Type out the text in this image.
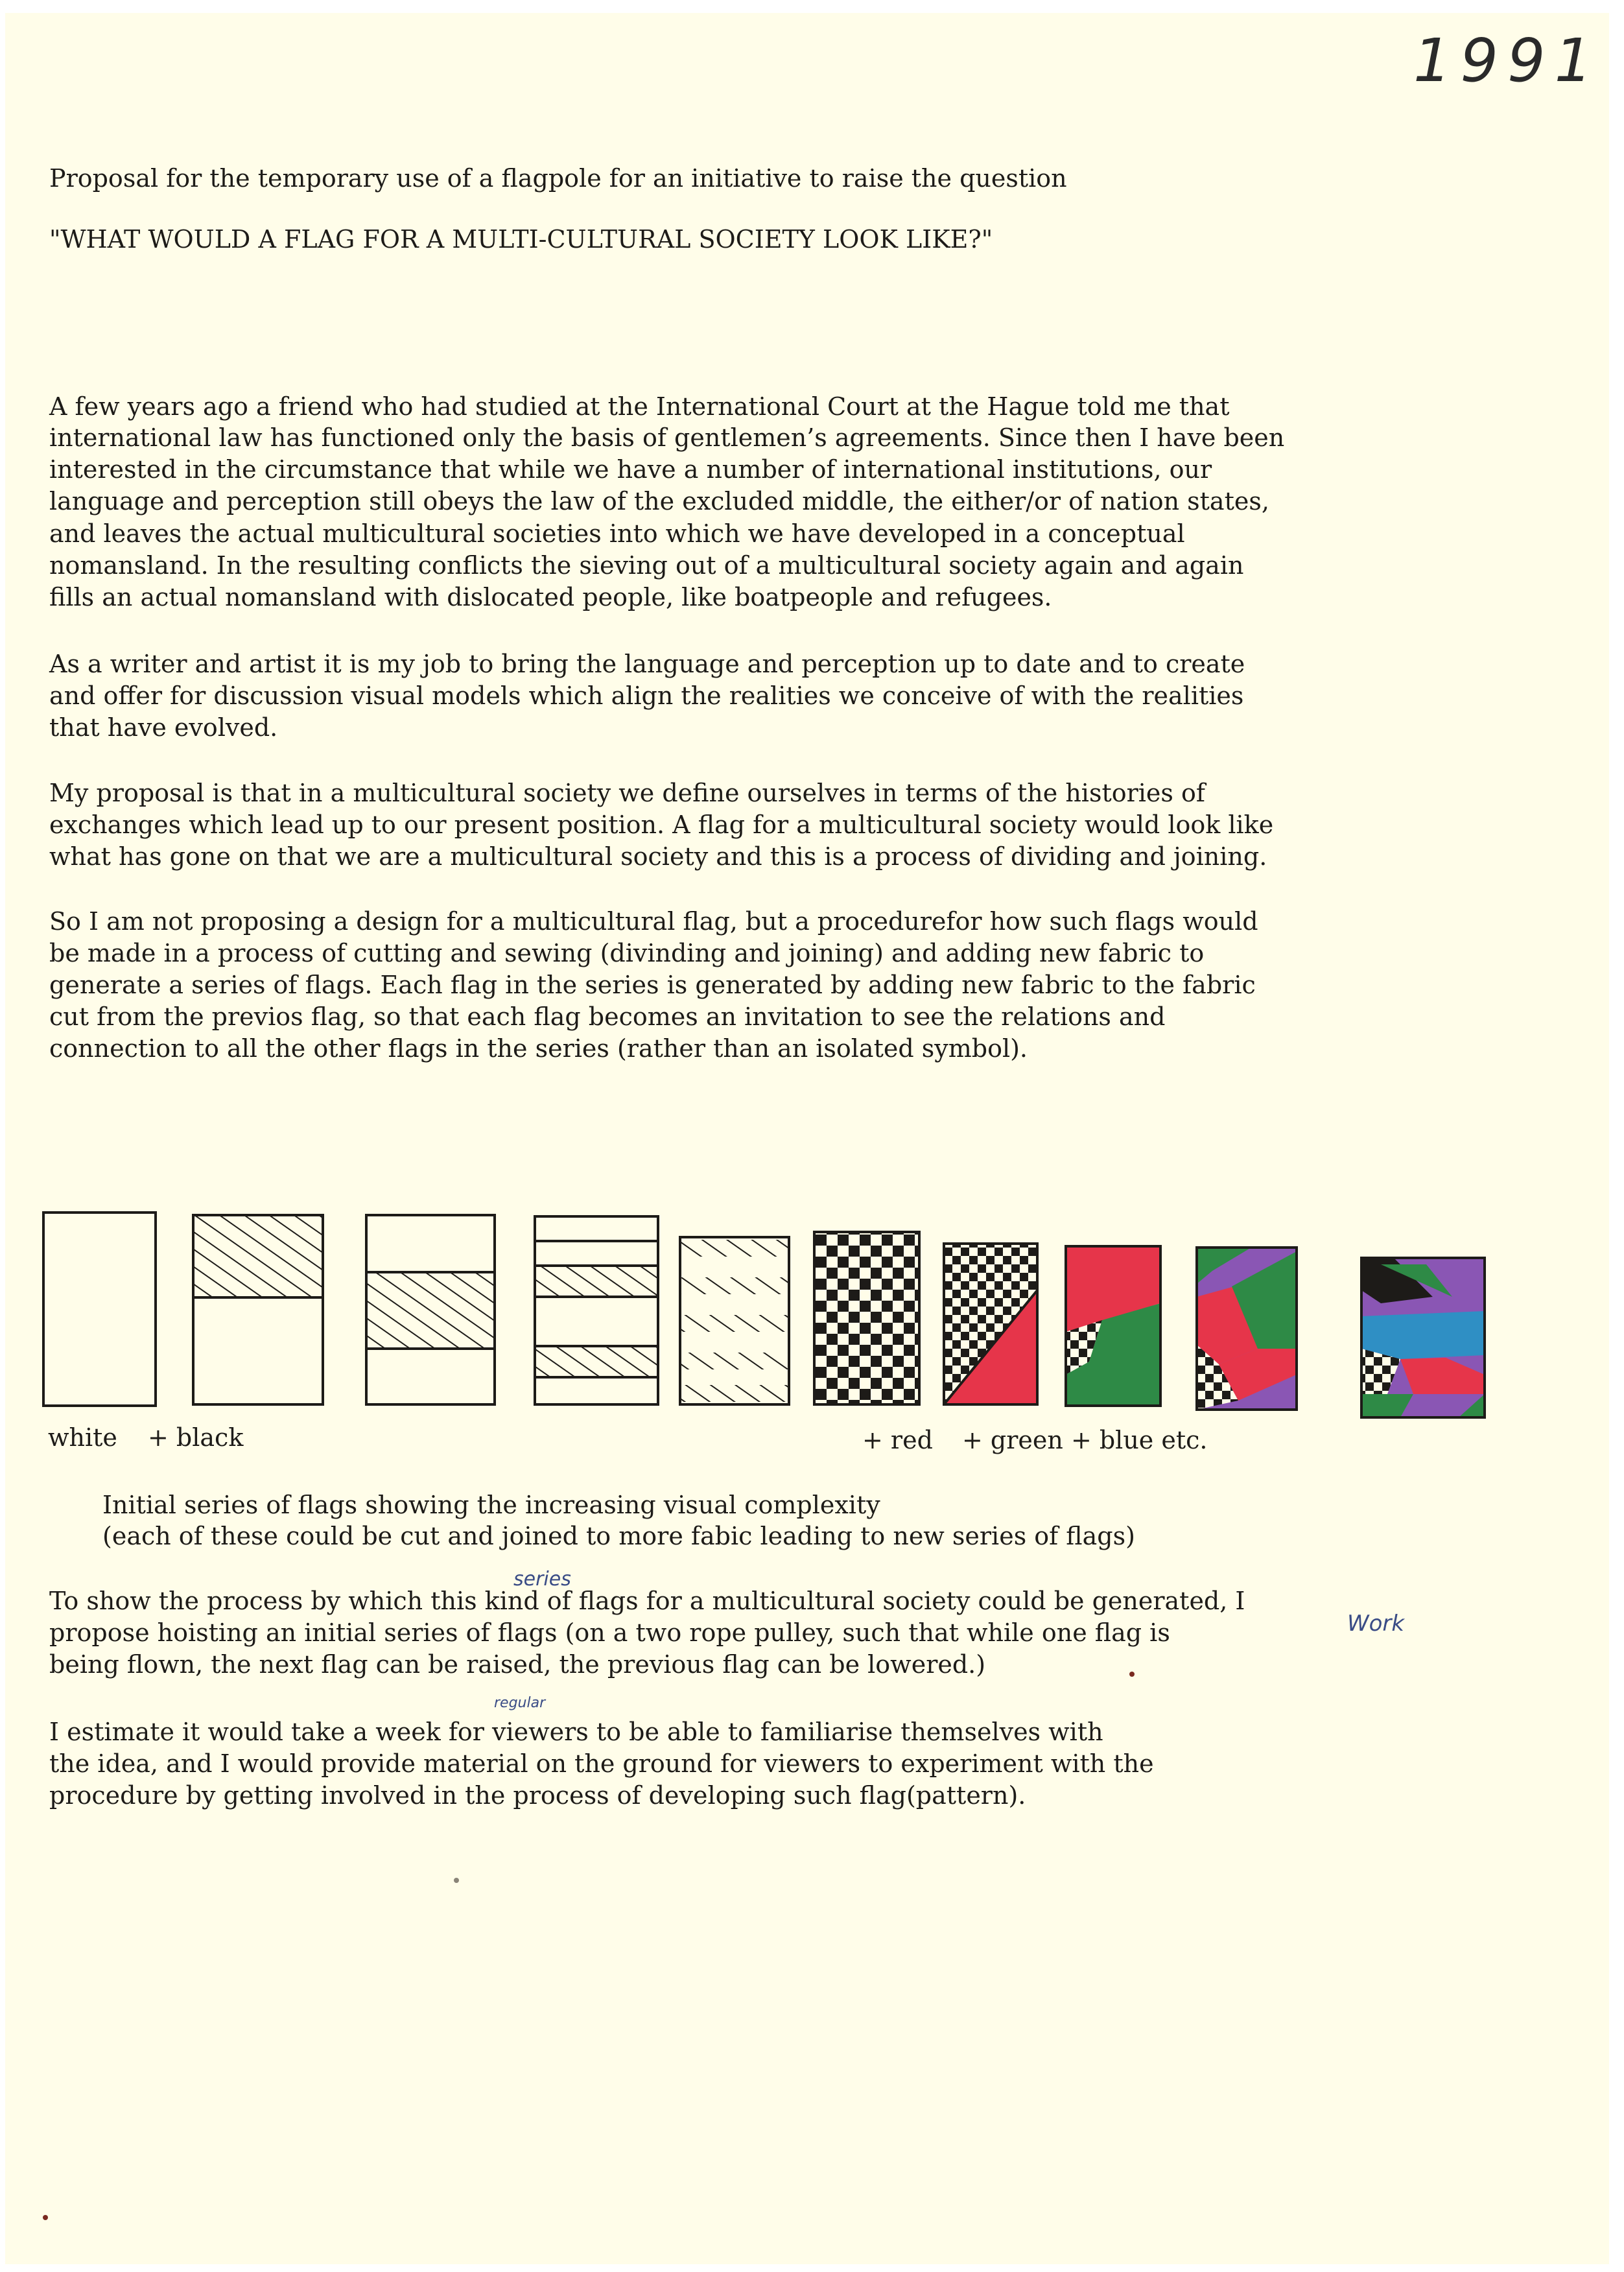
1991
Proposal for the temporary use of a flagpole for an initiative to raise the question
"WHAT WOULD A FLAG FOR A MULTI-CULTURAL SOCIETY LOOK LIKE?"
A few years ago a friend who had studied at the International Court at the Hague told me that
international law has functioned only the basis of gentlemen’s agreements. Since then I have been
interested in the circumstance that while we have a number of international institutions, our
language and perception still obeys the law of the excluded middle, the either/or of nation states,
and leaves the actual multicultural societies into which we have developed in a conceptual
nomansland. In the resulting conflicts the sieving out of a multicultural society again and again
fills an actual nomansland with dislocated people, like boatpeople and refugees.
As a writer and artist it is my job to bring the language and perception up to date and to create
and offer for discussion visual models which align the realities we conceive of with the realities
that have evolved.
My proposal is that in a multicultural society we define ourselves in terms of the histories of
exchanges which lead up to our present position. A flag for a multicultural society would look like
what has gone on that we are a multicultural society and this is a process of dividing and joining.
So I am not proposing a design for a multicultural flag, but a procedurefor how such flags would
be made in a process of cutting and sewing (divinding and joining) and adding new fabric to
generate a series of flags. Each flag in the series is generated by adding new fabric to the fabric
cut from the previos flag, so that each flag becomes an invitation to see the relations and
connection to all the other flags in the series (rather than an isolated symbol).
white + black	+ red + green + blue etc.
Initial series of flags showing the increasing visual complexity
(each of these could be cut and joined to more fabic leading to new series of flags)
series
To show the process by which this kind of flags for a multicultural society could be generated, I
propose hoisting an initial series of flags (on a two rope pulley, such that while one flag is
being flown, the next flag can be raised, the previous flag can be lowered.)
Work
regular
I estimate it would take a week for viewers to be able to familiarise themselves with
the idea, and I would provide material on the ground for viewers to experiment with the
procedure by getting involved in the process of developing such flag(pattern).
